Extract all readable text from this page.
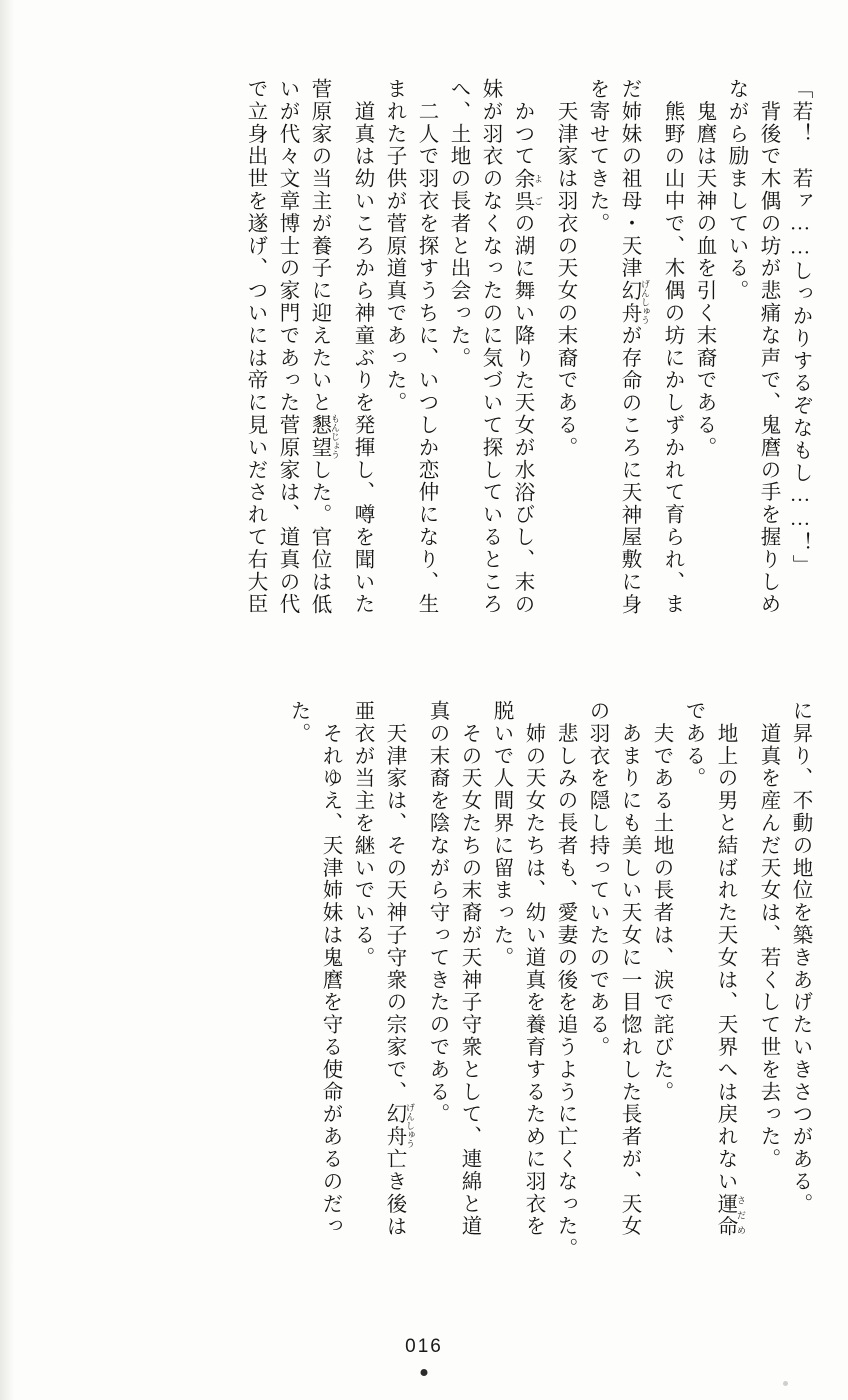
「若！　若ァ……しっかりするぞなもし……！」
　背後で木偶の坊が悲痛な声で、鬼麿の手を握りしめ
ながら励ましている。
　鬼麿は天神の血を引く末裔である。
　熊野の山中で、木偶の坊にかしずかれて育られ、ま
だ姉妹の祖母・天津幻舟 げんしゅうが存命のころに天神屋敷に身
を寄せてきた。
　天津家は羽衣の天女の末裔である。
　かつて余呉 よごの湖に舞い降りた天女が水浴びし、末の
妹が羽衣のなくなったのに気づいて探しているところ
へ、土地の長者と出会った。
　二人で羽衣を探すうちに、いつしか恋仲になり、生
まれた子供が菅原道真であった。
　道真は幼いころから神童ぶりを発揮し、噂を聞いた
菅原家の当主が養子に迎えたいと懇望 もんじょうした。官位は低
いが代々文章博士の家門であった菅原家は、道真の代
で立身出世を遂げ、ついには帝に見いだされて右大臣
に昇り、不動の地位を築きあげたいきさつがある。
　道真を産んだ天女は、若くして世を去った。
　地上の男と結ばれた天女は、天界へは戻れない運命 さだめ
である。
　夫である土地の長者は、涙で詫びた。
　あまりにも美しい天女に一目惚れした長者が、天女
の羽衣を隠し持っていたのである。
　悲しみの長者も、愛妻の後を追うように亡くなった。
　姉の天女たちは、幼い道真を養育するために羽衣を
脱いで人間界に留まった。
　その天女たちの末裔が天神子守衆として、連綿と道
真の末裔を陰ながら守ってきたのである。
　天津家は、その天神子守衆の宗家で、幻舟 げんしゅう亡き後は
亜衣が当主を継いでいる。
　それゆえ、天津姉妹は鬼麿を守る使命があるのだっ
た。
016
